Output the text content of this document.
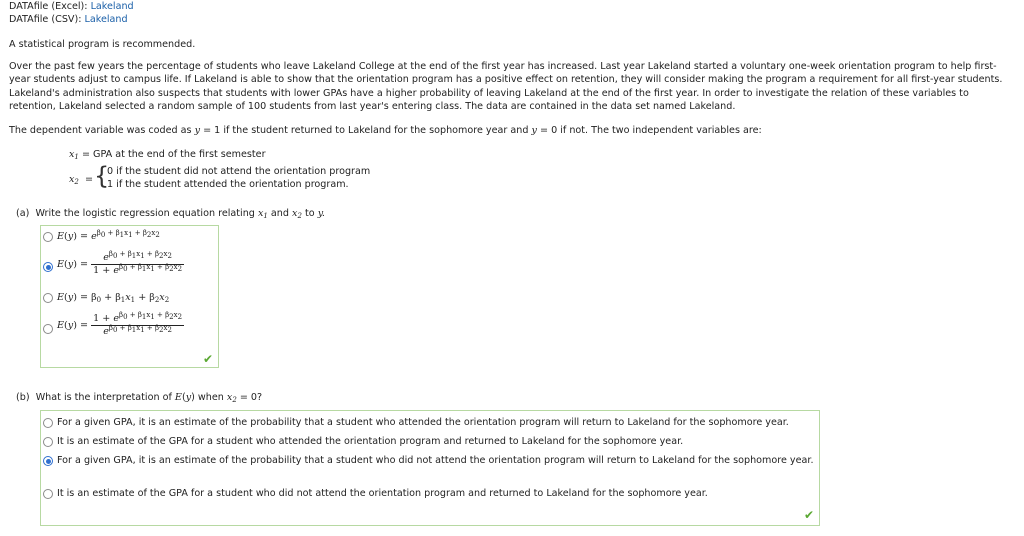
DATAfile (Excel): Lakeland
DATAfile (CSV): Lakeland
A statistical program is recommended.
Over the past few years the percentage of students who leave Lakeland College at the end of the first year has increased. Last year Lakeland started a voluntary one-week orientation program to help first-year students adjust to campus life. If Lakeland is able to show that the orientation program has a positive effect on retention, they will consider making the program a requirement for all first-year students. Lakeland's administration also suspects that students with lower GPAs have a higher probability of leaving Lakeland at the end of the first year. In order to investigate the relation of these variables to retention, Lakeland selected a random sample of 100 students from last year's entering class. The data are contained in the data set named Lakeland.
The dependent variable was coded as y = 1 if the student returned to Lakeland for the sophomore year and y = 0 if not. The two independent variables are:
$x_1$ = GPA at the end of the first semester
$x_2$ = {
0 if the student did not attend the orientation program
1 if the student attended the orientation program.
(a) Write the logistic regression equation relating $x_1$ and $x_2$ to y.
$E(y) = e^{\beta_0 + \beta_1x_1 + \beta_2x_2}$
$E(y) = \frac{e^{\beta_0 + \beta_1x_1 + \beta_2x_2}}{1 + e^{\beta_0 + \beta_1x_1 + \beta_2x_2}}$
$E(y) = \beta_0 + \beta_1x_1 + \beta_2x_2$
$E(y) = \frac{1 + e^{\beta_0 + \beta_1x_1 + \beta_2x_2}}{e^{\beta_0 + \beta_1x_1 + \beta_2x_2}}$
✔
(b) What is the interpretation of E(y) when $x_2 = 0$?
For a given GPA, it is an estimate of the probability that a student who attended the orientation program will return to Lakeland for the sophomore year.
It is an estimate of the GPA for a student who attended the orientation program and returned to Lakeland for the sophomore year.
For a given GPA, it is an estimate of the probability that a student who did not attend the orientation program will return to Lakeland for the sophomore year.
It is an estimate of the GPA for a student who did not attend the orientation program and returned to Lakeland for the sophomore year.
✔
